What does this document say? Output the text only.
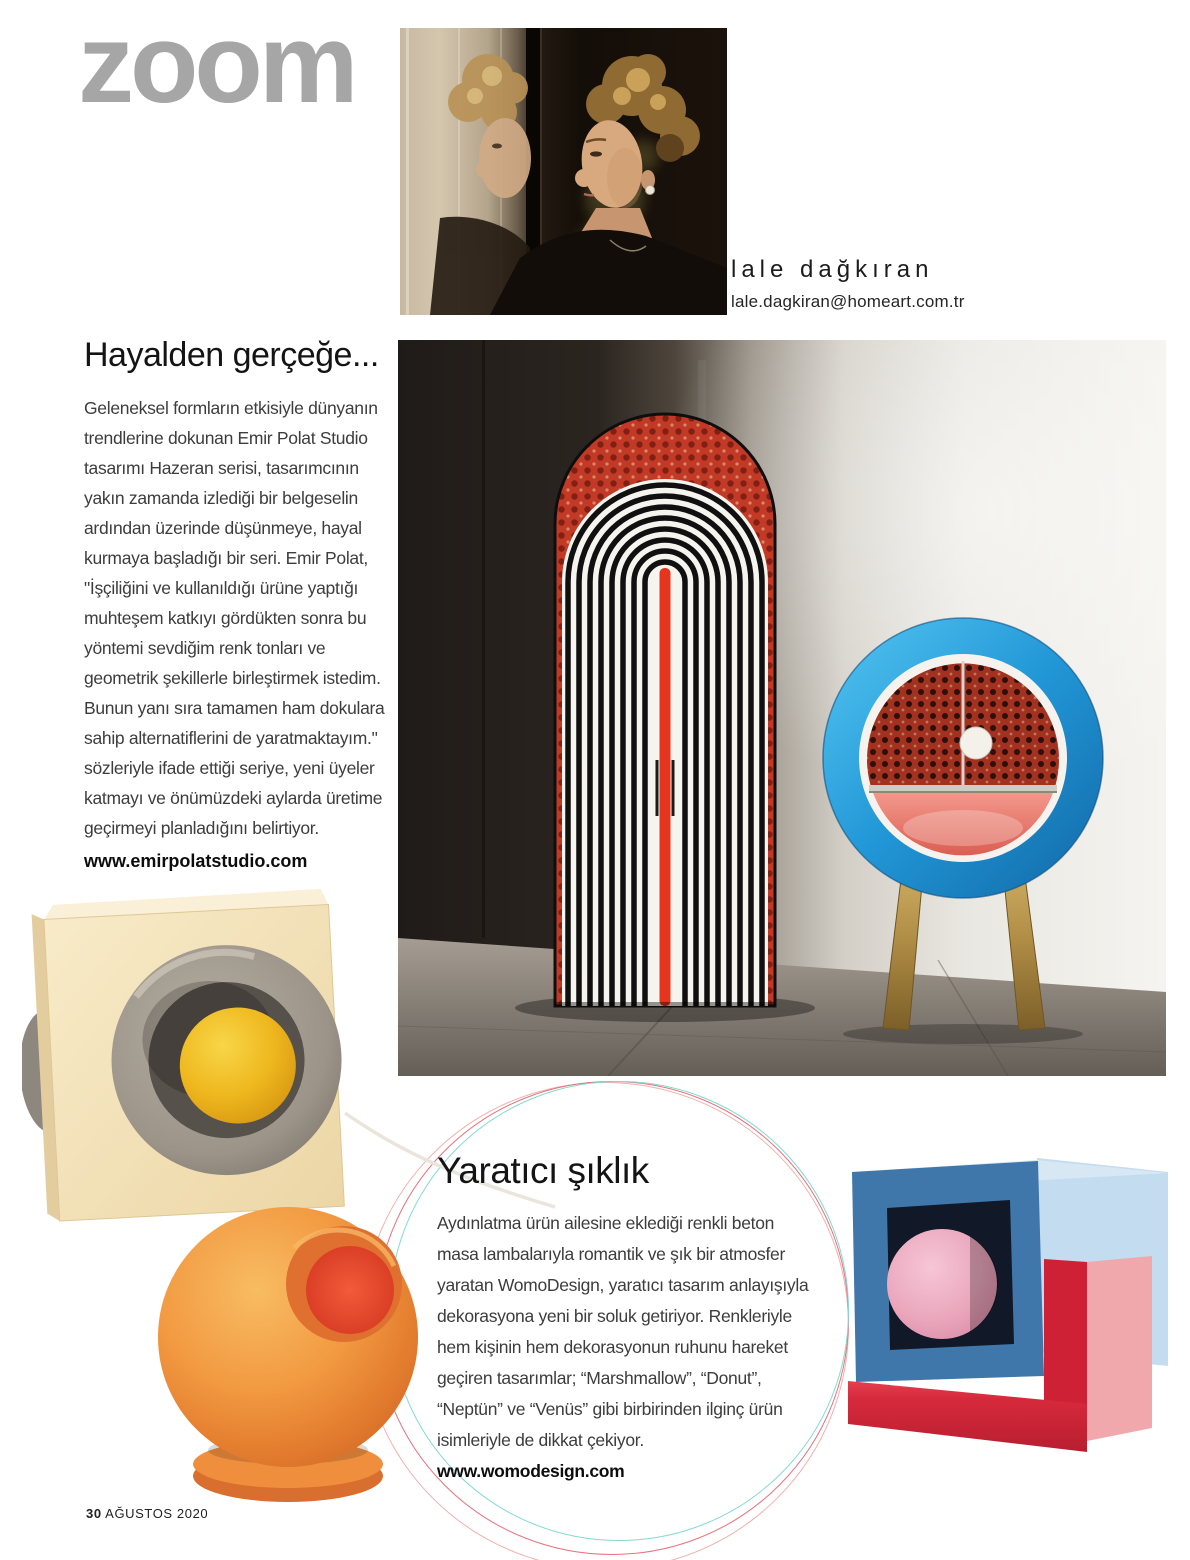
zoom
lale dağkıran
lale.dagkiran@homeart.com.tr
Hayalden gerçeğe...

Geleneksel formların etkisiyle dünyanın trendlerine dokunan Emir Polat Studio tasarımı Hazeran serisi, tasarımcının yakın zamanda izlediği bir belgeselin ardından üzerinde düşünmeye, hayal kurmaya başladığı bir seri. Emir Polat, "İşçiliğini ve kullanıldığı ürüne yaptığı muhteşem katkıyı gördükten sonra bu yöntemi sevdiğim renk tonları ve geometrik şekillerle birleştirmek istedim. Bunun yanı sıra tamamen ham dokulara sahip alternatiflerini de yaratmaktayım." sözleriyle ifade ettiği seriye, yeni üyeler katmayı ve önümüzdeki aylarda üretime geçirmeyi planladığını belirtiyor.

www.emirpolatstudio.com
Yaratıcı şıklık

Aydınlatma ürün ailesine eklediği renkli beton masa lambalarıyla romantik ve şık bir atmosfer yaratan WomoDesign, yaratıcı tasarım anlayışıyla dekorasyona yeni bir soluk getiriyor. Renkleriyle hem kişinin hem dekorasyonun ruhunu hareket geçiren tasarımlar; “Marshmallow”, “Donut”, “Neptün” ve “Venüs” gibi birbirinden ilginç ürün isimleriyle de dikkat çekiyor. www.womodesign.com

30 AĞUSTOS 2020
